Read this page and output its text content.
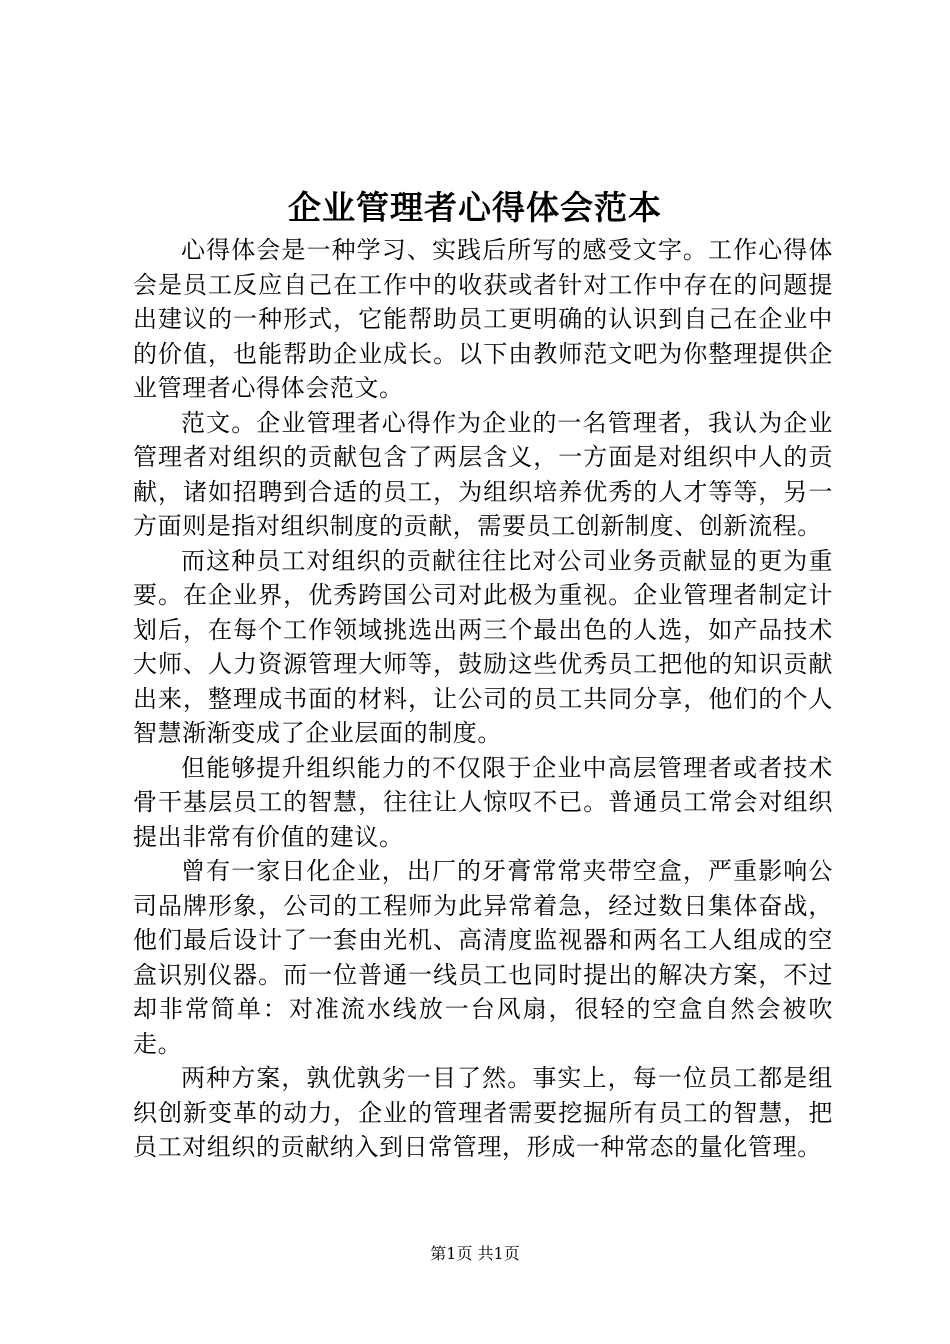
企业管理者心得体会范本

心得体会是一种学习、实践后所写的感受文字。工作心得体会是员工反应自己在工作中的收获或者针对工作中存在的问题提出建议的一种形式，它能帮助员工更明确的认识到自己在企业中的价值，也能帮助企业成长。以下由教师范文吧为你整理提供企业管理者心得体会范文。

范文。企业管理者心得作为企业的一名管理者，我认为企业管理者对组织的贡献包含了两层含义，一方面是对组织中人的贡献，诸如招聘到合适的员工，为组织培养优秀的人才等等，另一方面则是指对组织制度的贡献，需要员工创新制度、创新流程。

而这种员工对组织的贡献往往比对公司业务贡献显的更为重要。在企业界，优秀跨国公司对此极为重视。企业管理者制定计划后，在每个工作领域挑选出两三个最出色的人选，如产品技术大师、人力资源管理大师等，鼓励这些优秀员工把他的知识贡献出来，整理成书面的材料，让公司的员工共同分享，他们的个人智慧渐渐变成了企业层面的制度。

但能够提升组织能力的不仅限于企业中高层管理者或者技术骨干基层员工的智慧，往往让人惊叹不已。普通员工常会对组织提出非常有价值的建议。

曾有一家日化企业，出厂的牙膏常常夹带空盒，严重影响公司品牌形象，公司的工程师为此异常着急，经过数日集体奋战，他们最后设计了一套由光机、高清度监视器和两名工人组成的空盒识别仪器。而一位普通一线员工也同时提出的解决方案，不过却非常简单：对准流水线放一台风扇，很轻的空盒自然会被吹走。

两种方案，孰优孰劣一目了然。事实上，每一位员工都是组织创新变革的动力，企业的管理者需要挖掘所有员工的智慧，把员工对组织的贡献纳入到日常管理，形成一种常态的量化管理。

第1页 共1页
